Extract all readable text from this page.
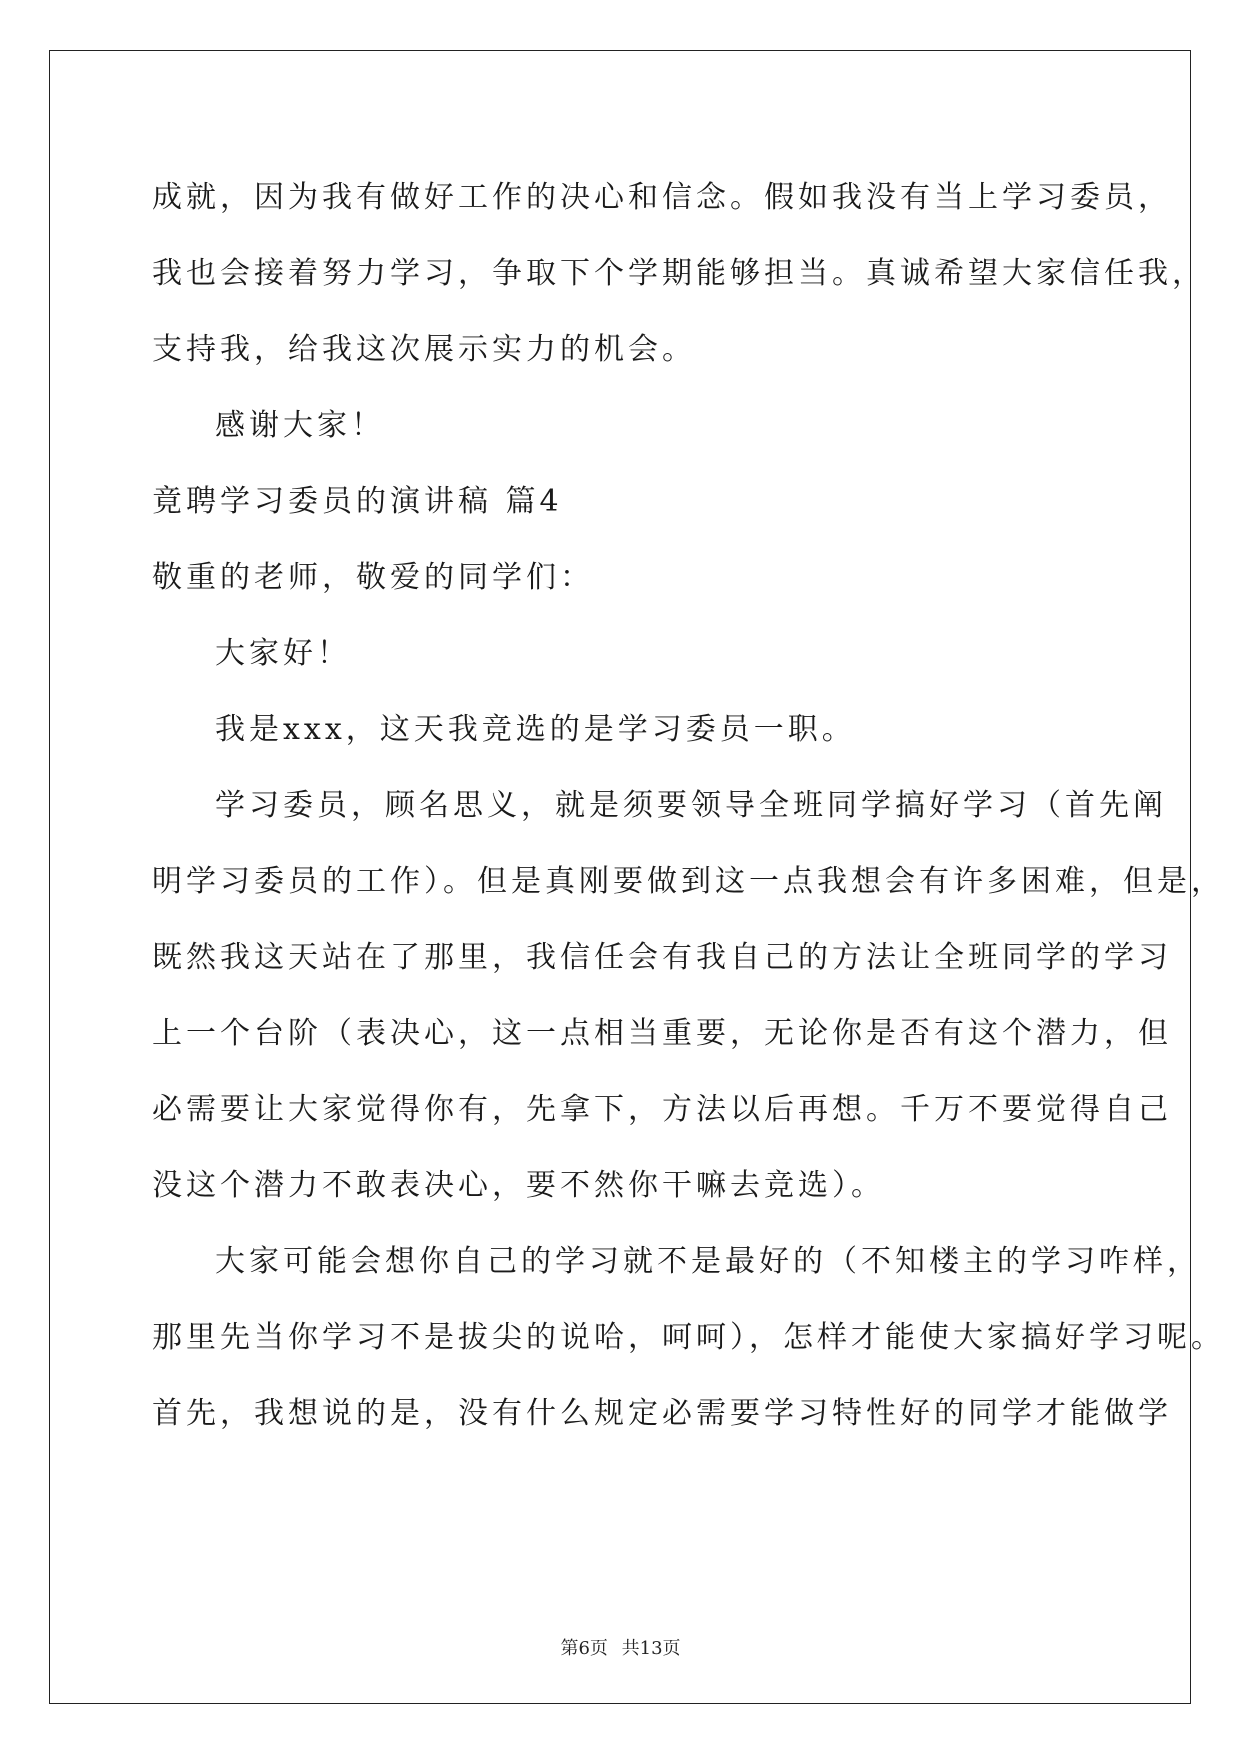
成就，因为我有做好工作的决心和信念。假如我没有当上学习委员，
我也会接着努力学习，争取下个学期能够担当。真诚希望大家信任我，
支持我，给我这次展示实力的机会。
感谢大家！
竟聘学习委员的演讲稿 篇4
敬重的老师，敬爱的同学们：
大家好！
我是xxx，这天我竞选的是学习委员一职。
学习委员，顾名思义，就是须要领导全班同学搞好学习（首先阐
明学习委员的工作）。但是真刚要做到这一点我想会有许多困难，但是，
既然我这天站在了那里，我信任会有我自己的方法让全班同学的学习
上一个台阶（表决心，这一点相当重要，无论你是否有这个潜力，但
必需要让大家觉得你有，先拿下，方法以后再想。千万不要觉得自己
没这个潜力不敢表决心，要不然你干嘛去竞选）。
大家可能会想你自己的学习就不是最好的（不知楼主的学习咋样，
那里先当你学习不是拔尖的说哈，呵呵），怎样才能使大家搞好学习呢。
首先，我想说的是，没有什么规定必需要学习特性好的同学才能做学
第6页 共13页
